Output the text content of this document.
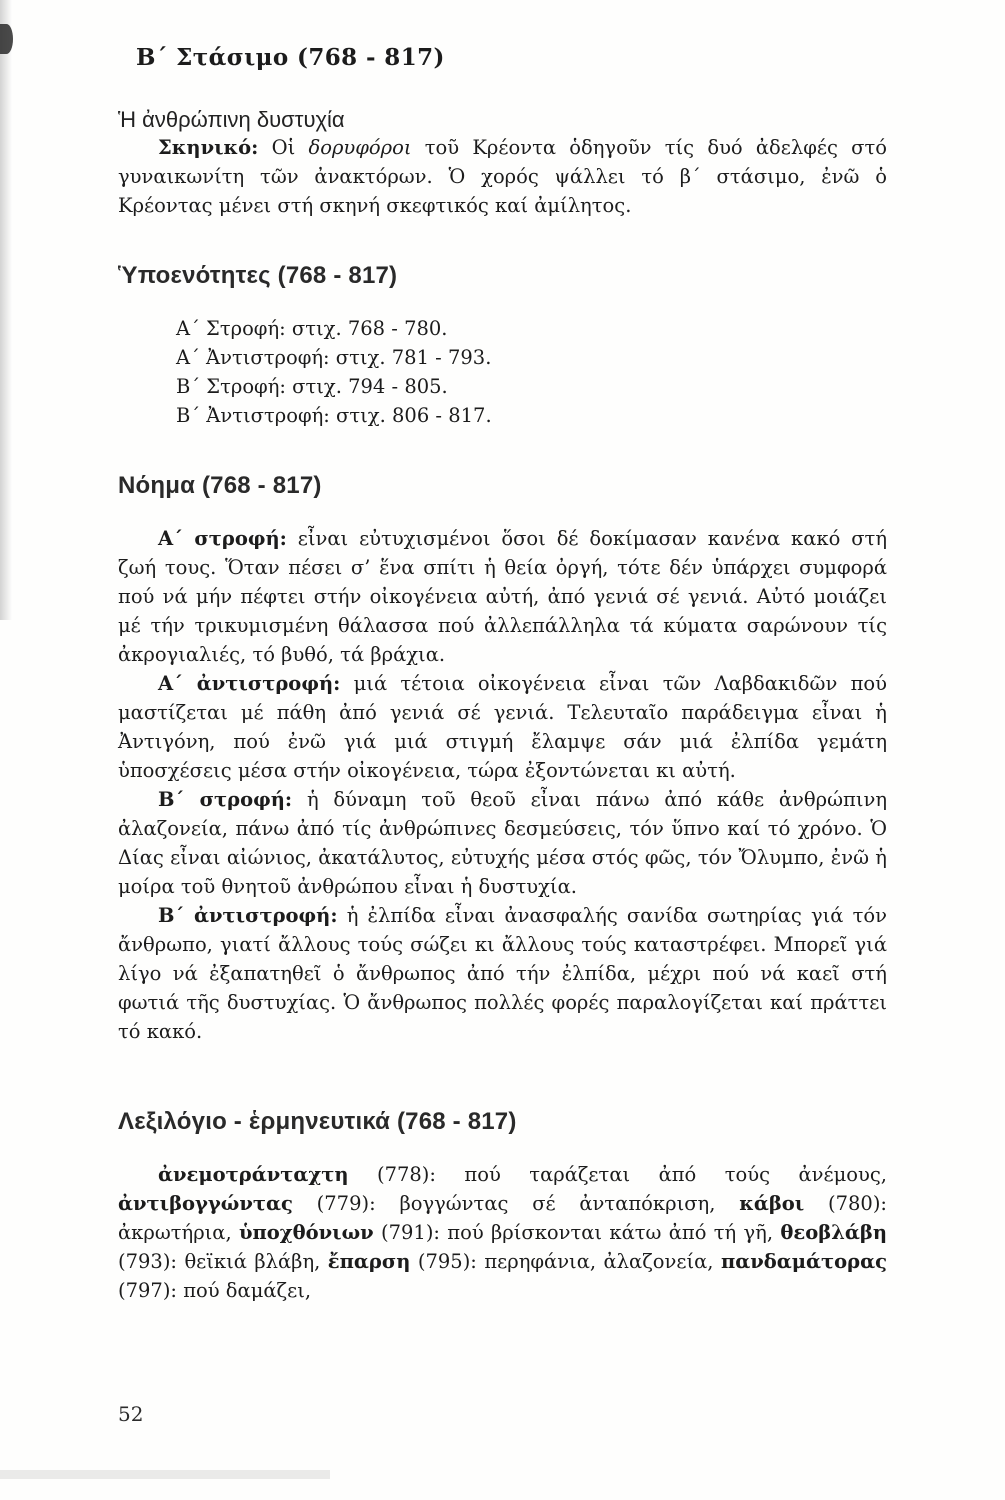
Β΄ Στάσιμο (768 - 817)

Ἡ ἀνθρώπινη δυστυχία

Σκηνικό: Οἱ δορυφόροι τοῦ Κρέοντα ὁδηγοῦν τίς δυό ἀδελφές στό γυναικωνίτη τῶν ἀνακτόρων. Ὁ χορός ψάλλει τό β΄ στάσιμο, ἐνῶ ὁ Κρέοντας μένει στή σκηνή σκεφτικός καί ἀμίλητος.

Ὑποενότητες (768 - 817)
Α΄ Στροφή: στιχ. 768 - 780.
Α΄ Ἀντιστροφή: στιχ. 781 - 793.
Β΄ Στροφή: στιχ. 794 - 805.
Β΄ Ἀντιστροφή: στιχ. 806 - 817.
Νόημα (768 - 817)

Α΄ στροφή: εἶναι εὐτυχισμένοι ὅσοι δέ δοκίμασαν κανένα κακό στή ζωή τους. Ὅταν πέσει σ’ ἕνα σπίτι ἡ θεία ὀργή, τότε δέν ὑπάρχει συμφορά πού νά μήν πέφτει στήν οἰκογένεια αὐτή, ἀπό γενιά σέ γενιά. Αὐτό μοιάζει μέ τήν τρικυμισμένη θάλασσα πού ἀλλεπάλληλα τά κύματα σαρώνουν τίς ἀκρογιαλιές, τό βυθό, τά βράχια.

Α΄ ἀντιστροφή: μιά τέτοια οἰκογένεια εἶναι τῶν Λαβδακιδῶν πού μαστίζεται μέ πάθη ἀπό γενιά σέ γενιά. Τελευταῖο παράδειγμα εἶναι ἡ Ἀντιγόνη, πού ἐνῶ γιά μιά στιγμή ἔλαμψε σάν μιά ἐλπίδα γεμάτη ὑποσχέσεις μέσα στήν οἰκογένεια, τώρα ἐξοντώνεται κι αὐτή.

Β΄ στροφή: ἡ δύναμη τοῦ θεοῦ εἶναι πάνω ἀπό κάθε ἀνθρώπινη ἀλαζονεία, πάνω ἀπό τίς ἀνθρώπινες δεσμεύσεις, τόν ὕπνο καί τό χρόνο. Ὁ Δίας εἶναι αἰώνιος, ἀκατάλυτος, εὐτυχής μέσα στός φῶς, τόν Ὄλυμπο, ἐνῶ ἡ μοίρα τοῦ θνητοῦ ἀνθρώπου εἶναι ἡ δυστυχία.

Β΄ ἀντιστροφή: ἡ ἐλπίδα εἶναι ἀνασφαλής σανίδα σωτηρίας γιά τόν ἄνθρωπο, γιατί ἄλλους τούς σώζει κι ἄλλους τούς καταστρέφει. Μπορεῖ γιά λίγο νά ἐξαπατηθεῖ ὁ ἄνθρωπος ἀπό τήν ἐλπίδα, μέχρι πού νά καεῖ στή φωτιά τῆς δυστυχίας. Ὁ ἄνθρωπος πολλές φορές παραλογίζεται καί πράττει τό κακό.

Λεξιλόγιο - ἑρμηνευτικά (768 - 817)

ἀνεμοτράνταχτη (778): πού ταράζεται ἀπό τούς ἀνέμους, ἀντιβογγώντας (779): βογγώντας σέ ἀνταπόκριση, κάβοι (780): ἀκρωτήρια, ὑποχθόνιων (791): πού βρίσκονται κάτω ἀπό τή γῆ, θεοβλάβη (793): θεϊκιά βλάβη, ἔπαρση (795): περηφάνια, ἀλαζονεία, πανδαμάτορας (797): πού δαμάζει,

52
